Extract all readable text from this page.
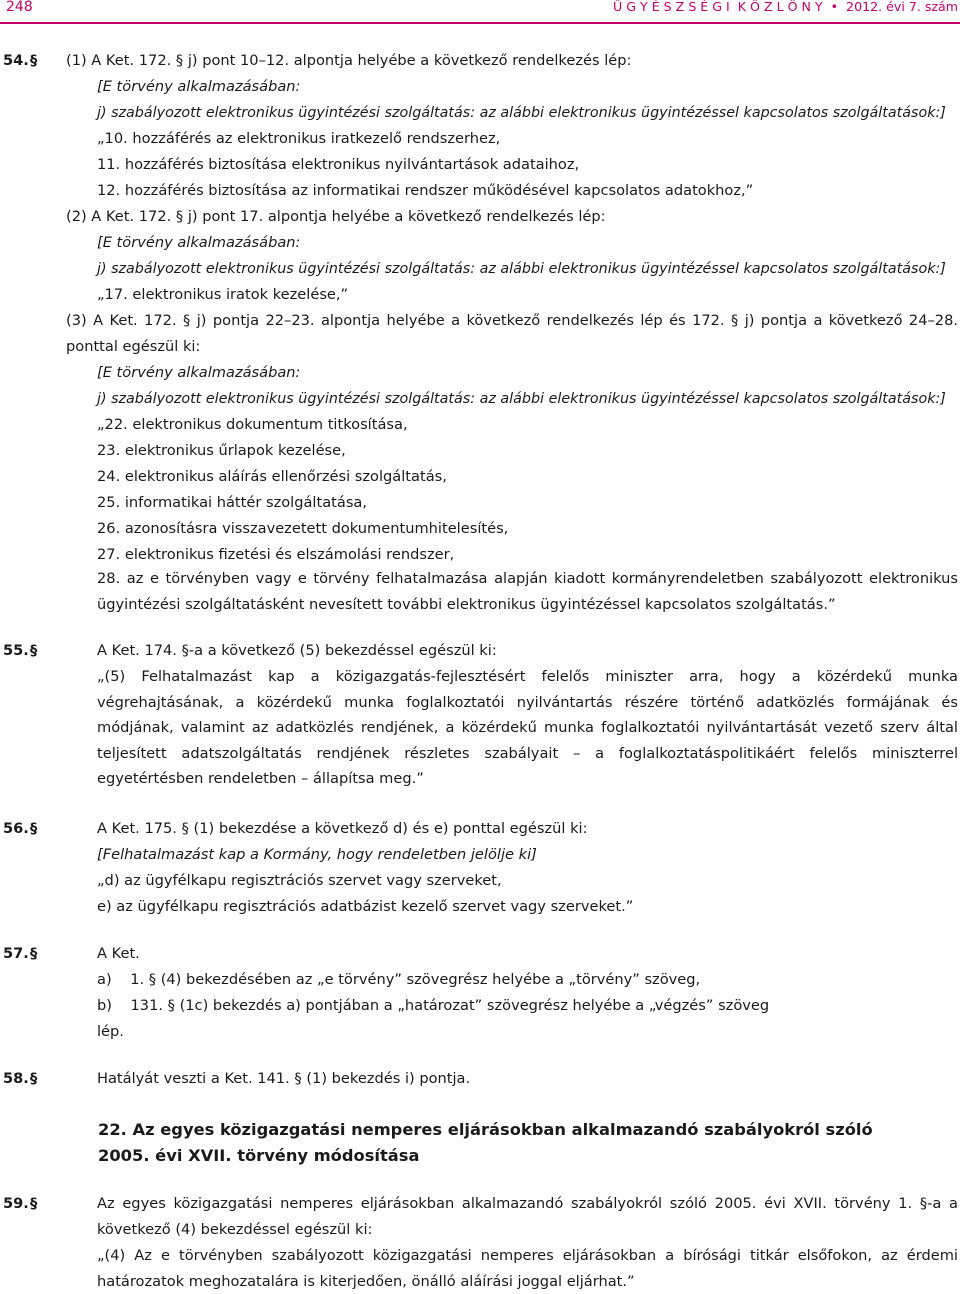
248	Ü G Y É S Z S É G I  K Ö Z L Ö N Y  •  2012. évi 7. szám
54. § (1) A Ket. 172. § j) pont 10–12. alpontja helyébe a következő rendelkezés lép:
[E törvény alkalmazásában:
j) szabályozott elektronikus ügyintézési szolgáltatás: az alábbi elektronikus ügyintézéssel kapcsolatos szolgáltatások:]
„10. hozzáférés az elektronikus iratkezelő rendszerhez,
11. hozzáférés biztosítása elektronikus nyilvántartások adataihoz,
12. hozzáférés biztosítása az informatikai rendszer működésével kapcsolatos adatokhoz,”
(2) A Ket. 172. § j) pont 17. alpontja helyébe a következő rendelkezés lép:
[E törvény alkalmazásában:
j) szabályozott elektronikus ügyintézési szolgáltatás: az alábbi elektronikus ügyintézéssel kapcsolatos szolgáltatások:]
„17. elektronikus iratok kezelése,”
(3) A Ket. 172. § j) pontja 22–23. alpontja helyébe a következő rendelkezés lép és 172. § j) pontja a következő 24–28. ponttal egészül ki:
[E törvény alkalmazásában:
j) szabályozott elektronikus ügyintézési szolgáltatás: az alábbi elektronikus ügyintézéssel kapcsolatos szolgáltatások:]
„22. elektronikus dokumentum titkosítása,
23. elektronikus űrlapok kezelése,
24. elektronikus aláírás ellenőrzési szolgáltatás,
25. informatikai háttér szolgáltatása,
26. azonosításra visszavezetett dokumentumhitelesítés,
27. elektronikus fizetési és elszámolási rendszer,
28. az e törvényben vagy e törvény felhatalmazása alapján kiadott kormányrendeletben szabályozott elektronikus ügyintézési szolgáltatásként nevesített további elektronikus ügyintézéssel kapcsolatos szolgáltatás.”
55. §	A Ket. 174. §-a a következő (5) bekezdéssel egészül ki:
„(5) Felhatalmazást kap a közigazgatás-fejlesztésért felelős miniszter arra, hogy a közérdekű munka végrehajtásának, a közérdekű munka foglalkoztatói nyilvántartás részére történő adatközlés formájának és módjának, valamint az adatközlés rendjének, a közérdekű munka foglalkoztatói nyilvántartását vezető szerv által teljesített adatszolgáltatás rendjének részletes szabályait – a foglalkoztatáspolitikáért felelős miniszterrel egyetértésben rendeletben – állapítsa meg.”
56. §	A Ket. 175. § (1) bekezdése a következő d) és e) ponttal egészül ki:
[Felhatalmazást kap a Kormány, hogy rendeletben jelölje ki]
„d) az ügyfélkapu regisztrációs szervet vagy szerveket,
e) az ügyfélkapu regisztrációs adatbázist kezelő szervet vagy szerveket.”
57. §	A Ket.
a)    1. § (4) bekezdésében az „e törvény” szövegrész helyébe a „törvény” szöveg,
b)    131. § (1c) bekezdés a) pontjában a „határozat” szövegrész helyébe a „végzés” szöveg
lép.
58. §	Hatályát veszti a Ket. 141. § (1) bekezdés i) pontja.
22. Az egyes közigazgatási nemperes eljárásokban alkalmazandó szabályokról szóló
2005. évi XVII. törvény módosítása
59. §	Az egyes közigazgatási nemperes eljárásokban alkalmazandó szabályokról szóló 2005. évi XVII. törvény 1. §-a a következő (4) bekezdéssel egészül ki:
„(4) Az e törvényben szabályozott közigazgatási nemperes eljárásokban a bírósági titkár elsőfokon, az érdemi határozatok meghozatalára is kiterjedően, önálló aláírási joggal eljárhat.”
